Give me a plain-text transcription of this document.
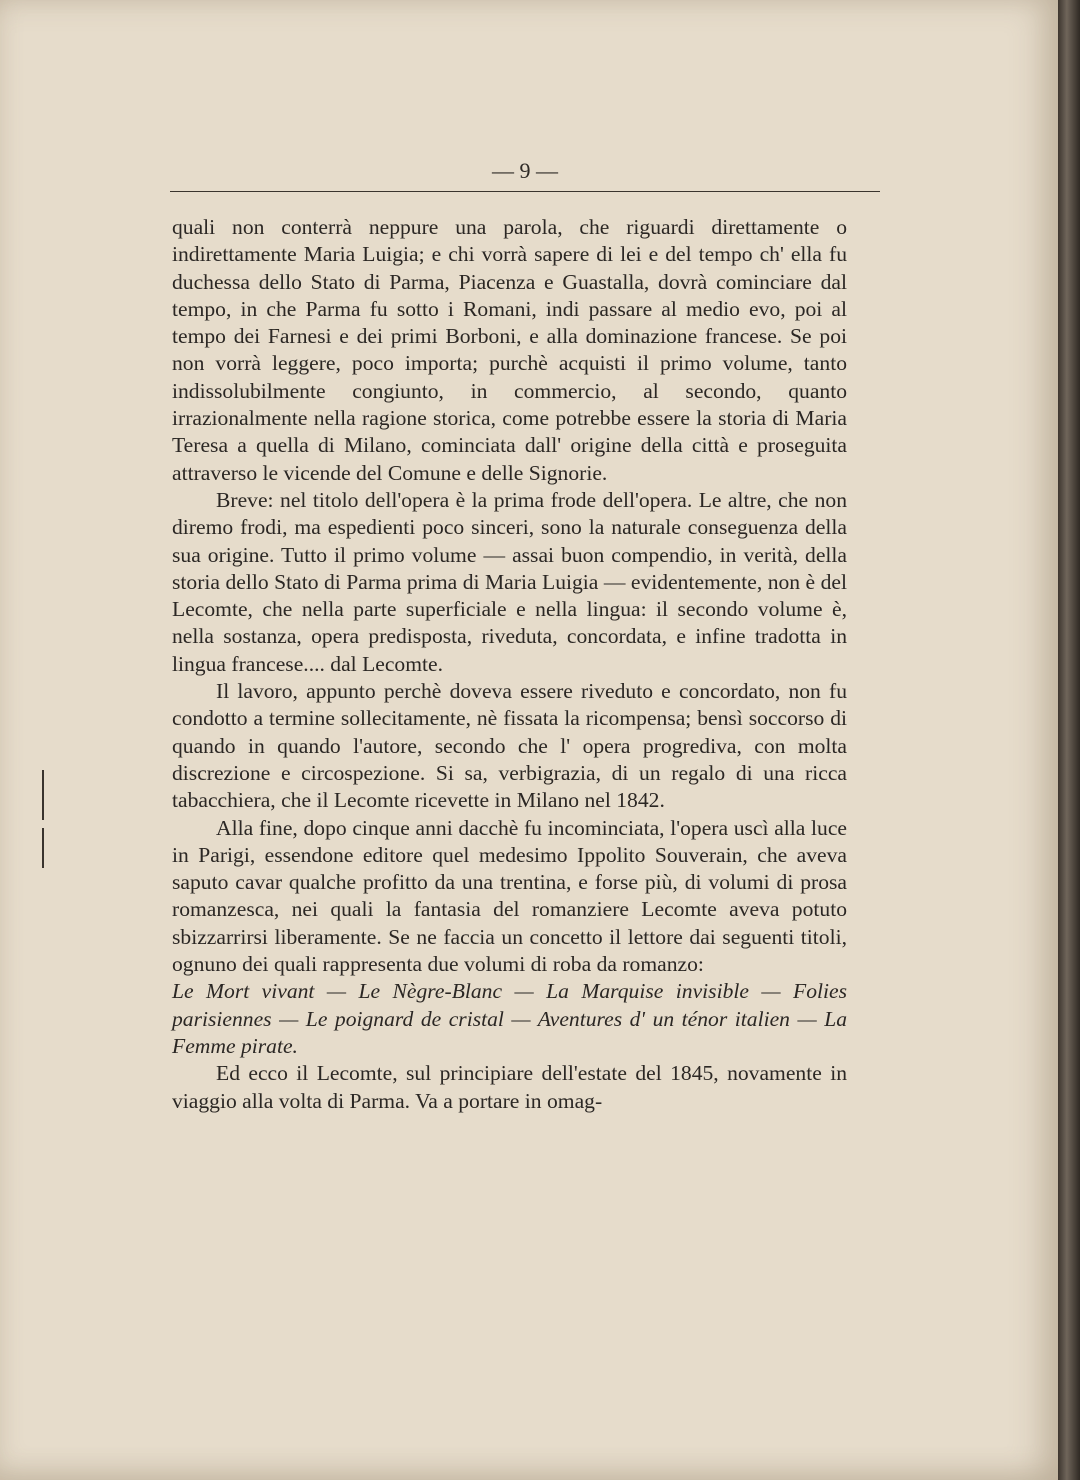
— 9 —

quali non conterrà neppure una parola, che riguardi direttamente o indirettamente Maria Luigia; e chi vorrà sapere di lei e del tempo ch' ella fu duchessa dello Stato di Parma, Piacenza e Guastalla, dovrà cominciare dal tempo, in che Parma fu sotto i Romani, indi passare al medio evo, poi al tempo dei Farnesi e dei primi Borboni, e alla dominazione francese. Se poi non vorrà leggere, poco importa; purchè acquisti il primo volume, tanto indissolubilmente congiunto, in commercio, al secondo, quanto irrazionalmente nella ragione storica, come potrebbe essere la storia di Maria Teresa a quella di Milano, cominciata dall' origine della città e proseguita attraverso le vicende del Comune e delle Signorie.

Breve: nel titolo dell'opera è la prima frode dell'opera. Le altre, che non diremo frodi, ma espedienti poco sinceri, sono la naturale conseguenza della sua origine. Tutto il primo volume — assai buon compendio, in verità, della storia dello Stato di Parma prima di Maria Luigia — evidentemente, non è del Lecomte, che nella parte superficiale e nella lingua: il secondo volume è, nella sostanza, opera predisposta, riveduta, concordata, e infine tradotta in lingua francese.... dal Lecomte.

Il lavoro, appunto perchè doveva essere riveduto e concordato, non fu condotto a termine sollecitamente, nè fissata la ricompensa; bensì soccorso di quando in quando l'autore, secondo che l' opera progrediva, con molta discrezione e circospezione. Si sa, verbigrazia, di un regalo di una ricca tabacchiera, che il Lecomte ricevette in Milano nel 1842.

Alla fine, dopo cinque anni dacchè fu incominciata, l'opera uscì alla luce in Parigi, essendone editore quel medesimo Ippolito Souverain, che aveva saputo cavar qualche profitto da una trentina, e forse più, di volumi di prosa romanzesca, nei quali la fantasia del romanziere Lecomte aveva potuto sbizzarrirsi liberamente. Se ne faccia un concetto il lettore dai seguenti titoli, ognuno dei quali rappresenta due volumi di roba da romanzo:

Le Mort vivant — Le Nègre-Blanc — La Marquise invisible — Folies parisiennes — Le poignard de cristal — Aventures d' un ténor italien — La Femme pirate.

Ed ecco il Lecomte, sul principiare dell'estate del 1845, novamente in viaggio alla volta di Parma. Va a portare in omag-
